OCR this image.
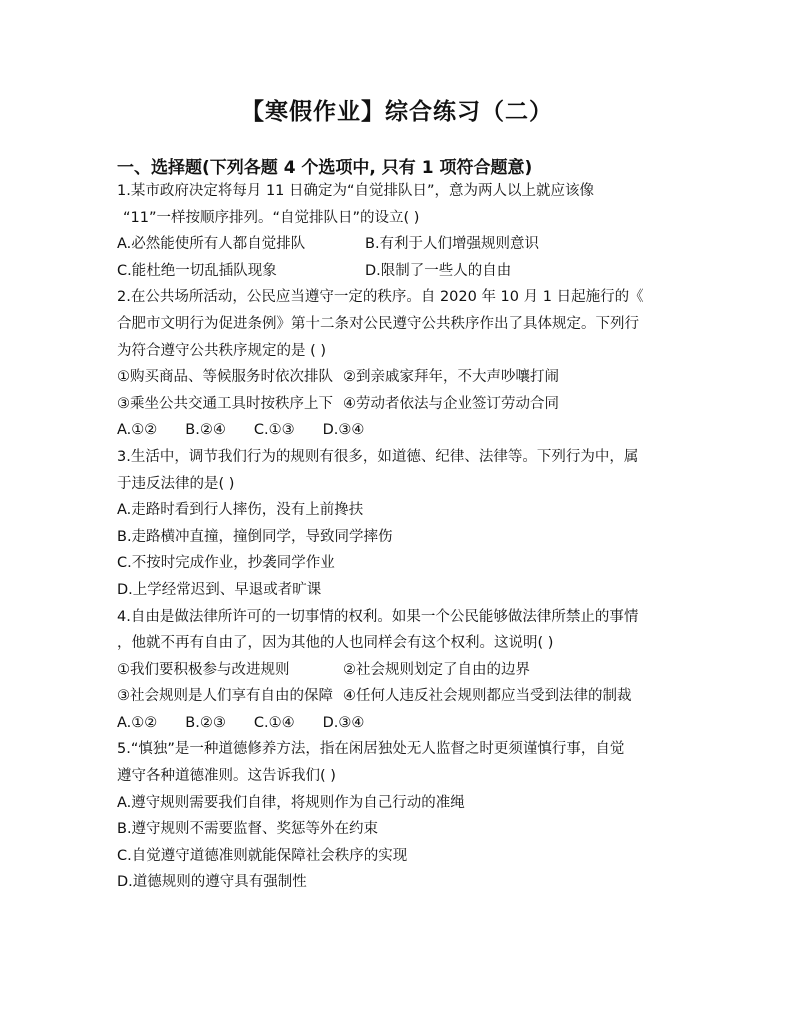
【寒假作业】综合练习（二）
一、选择题(下列各题 4 个选项中, 只有 1 项符合题意)
1.某市政府决定将每月 11 日确定为“自觉排队日”，意为两人以上就应该像
“11”一样按顺序排列。“自觉排队日”的设立( )
A.必然能使所有人都自觉排队	B.有利于人们增强规则意识
C.能杜绝一切乱插队现象	D.限制了一些人的自由
2.在公共场所活动，公民应当遵守一定的秩序。自 2020 年 10 月 1 日起施行的《
合肥市文明行为促进条例》第十二条对公民遵守公共秩序作出了具体规定。下列行
为符合遵守公共秩序规定的是 ( )
①购买商品、等候服务时依次排队 ②到亲戚家拜年，不大声吵嚷打闹
③乘坐公共交通工具时按秩序上下 ④劳动者依法与企业签订劳动合同
A.①② B.②④ C.①③ D.③④
3.生活中，调节我们行为的规则有很多，如道德、纪律、法律等。下列行为中，属
于违反法律的是( )
A.走路时看到行人摔伤，没有上前搀扶
B.走路横冲直撞，撞倒同学，导致同学摔伤
C.不按时完成作业，抄袭同学作业
D.上学经常迟到、早退或者旷课
4.自由是做法律所许可的一切事情的权利。如果一个公民能够做法律所禁止的事情
，他就不再有自由了，因为其他的人也同样会有这个权利。这说明( )
①我们要积极参与改进规则	②社会规则划定了自由的边界
③社会规则是人们享有自由的保障 ④任何人违反社会规则都应当受到法律的制裁
A.①② B.②③ C.①④ D.③④
5.“慎独”是一种道德修养方法，指在闲居独处无人监督之时更须谨慎行事，自觉
遵守各种道德准则。这告诉我们( )
A.遵守规则需要我们自律，将规则作为自己行动的准绳
B.遵守规则不需要监督、奖惩等外在约束
C.自觉遵守道德准则就能保障社会秩序的实现
D.道德规则的遵守具有强制性
